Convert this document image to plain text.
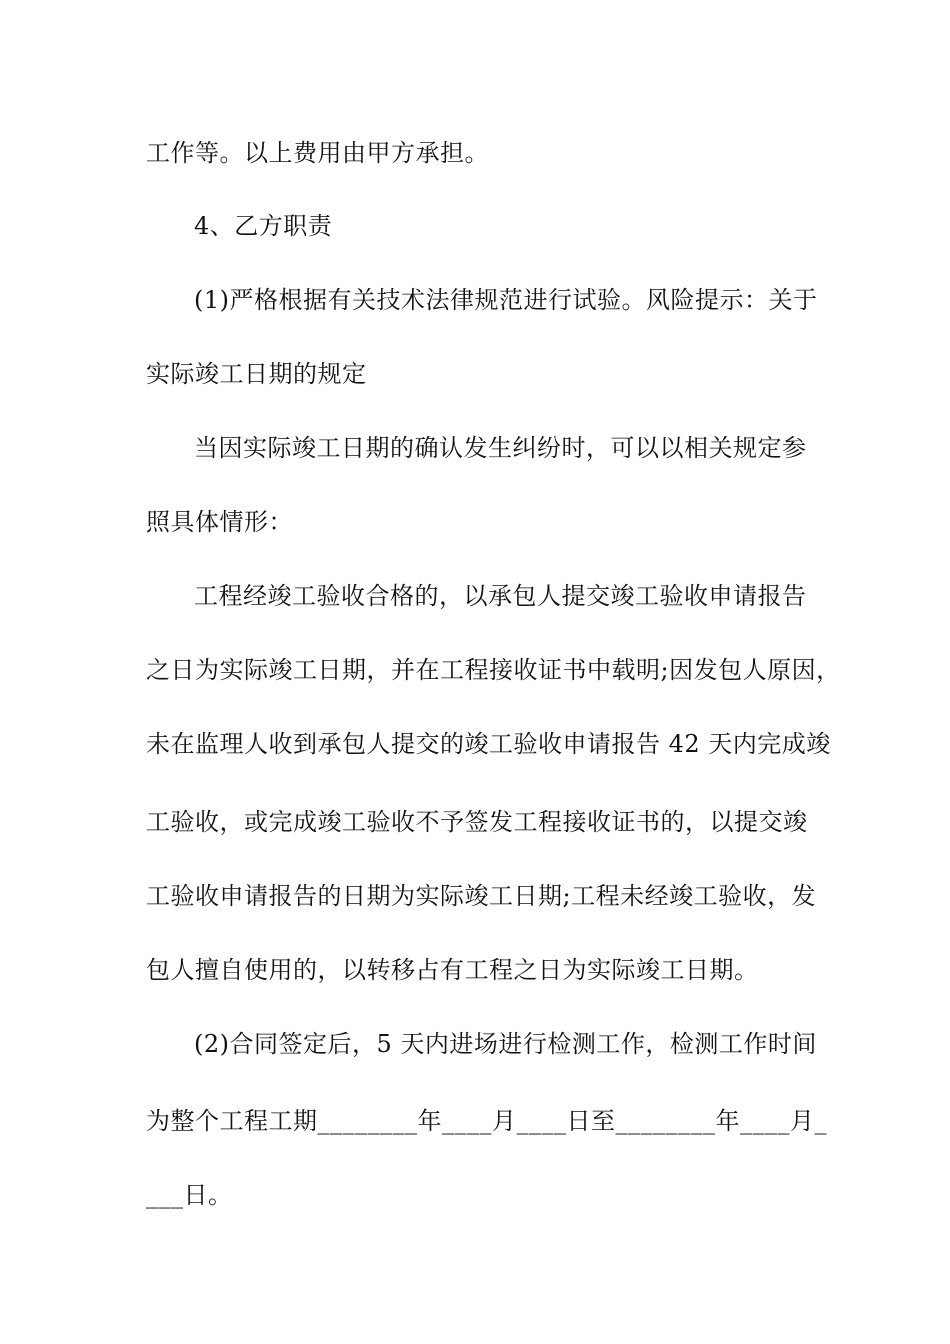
工作等。以上费用由甲方承担。

4、乙方职责

(1)严格根据有关技术法律规范进行试验。风险提示：关于

实际竣工日期的规定

当因实际竣工日期的确认发生纠纷时，可以以相关规定参

照具体情形：

工程经竣工验收合格的，以承包人提交竣工验收申请报告

之日为实际竣工日期，并在工程接收证书中载明;因发包人原因，

未在监理人收到承包人提交的竣工验收申请报告 42 天内完成竣

工验收，或完成竣工验收不予签发工程接收证书的，以提交竣

工验收申请报告的日期为实际竣工日期;工程未经竣工验收，发

包人擅自使用的，以转移占有工程之日为实际竣工日期。

(2)合同签定后，5 天内进场进行检测工作，检测工作时间

为整个工程工期________年____月____日至________年____月_

___日。
